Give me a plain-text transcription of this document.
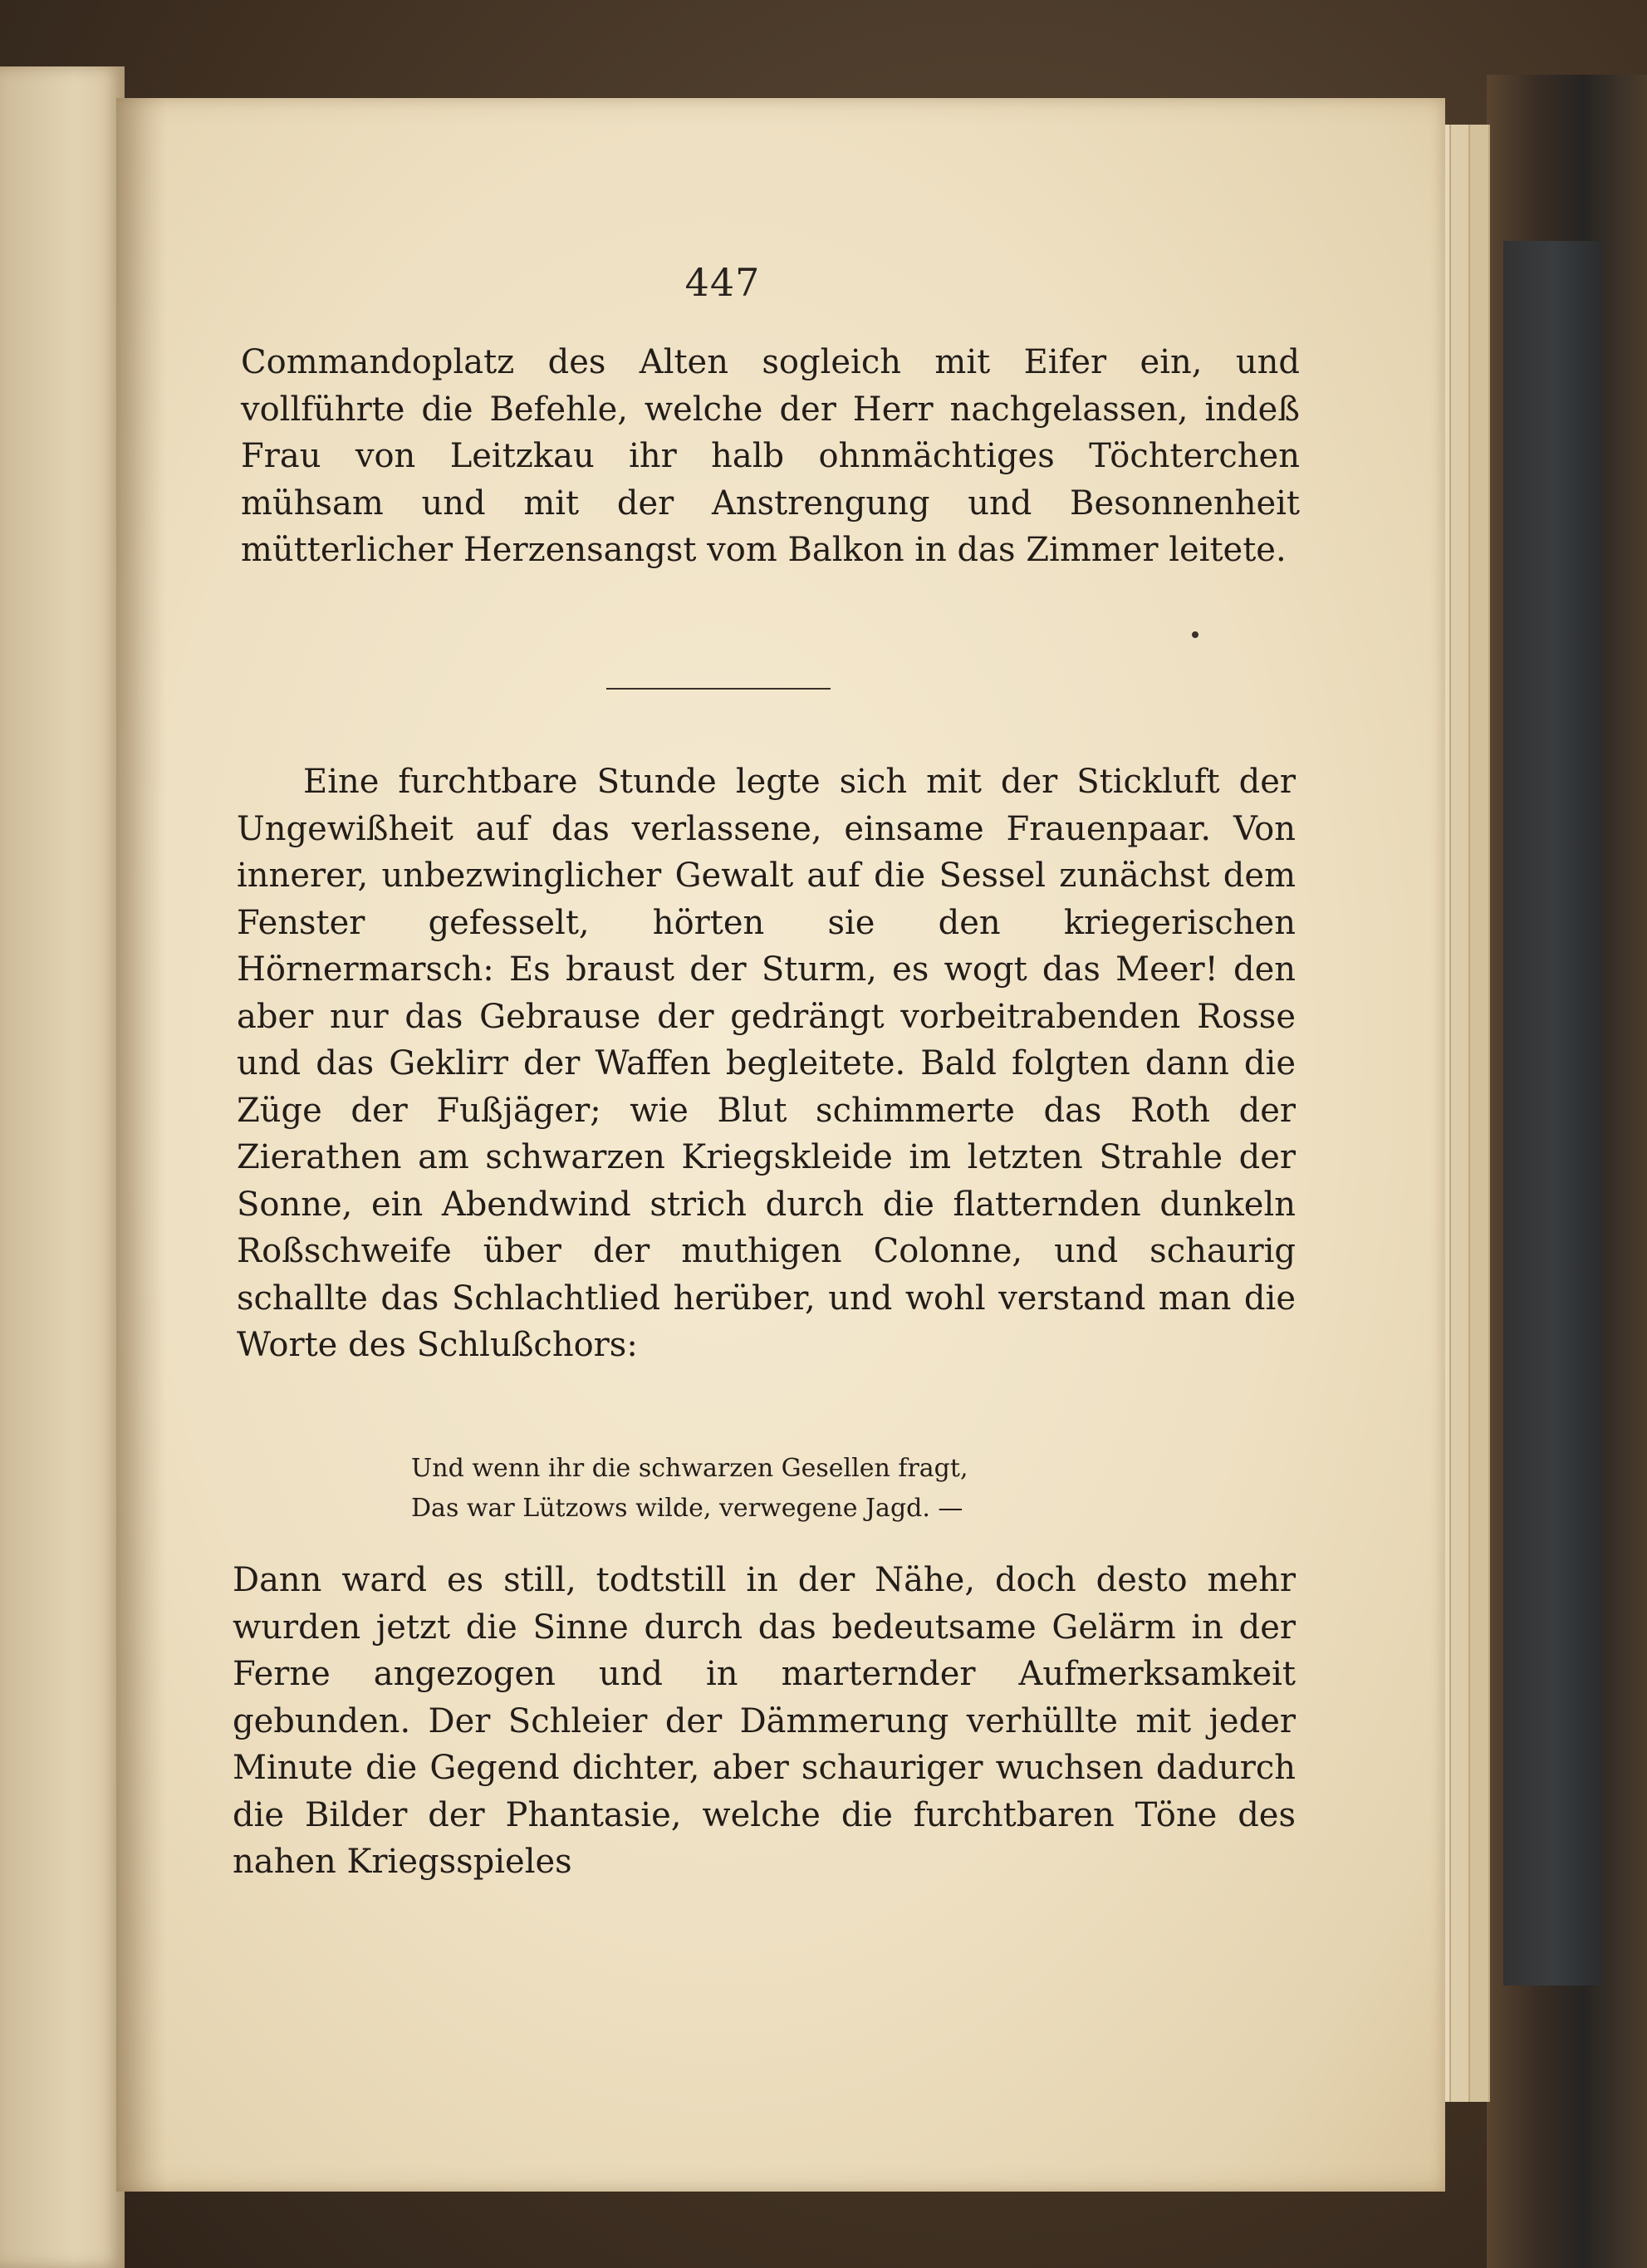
447
Commandoplatz des Alten sogleich mit Eifer ein, und vollführte die Befehle, welche der Herr nachgelassen, indeß Frau von Leitzkau ihr halb ohnmächtiges Töchterchen mühsam und mit der Anstrengung und Besonnenheit mütterlicher Herzensangst vom Balkon in das Zimmer leitete.
Eine furchtbare Stunde legte sich mit der Stickluft der Ungewißheit auf das verlassene, einsame Frauenpaar. Von innerer, unbezwinglicher Gewalt auf die Sessel zunächst dem Fenster gefesselt, hörten sie den kriegerischen Hörnermarsch: Es braust der Sturm, es wogt das Meer! den aber nur das Gebrause der gedrängt vorbeitrabenden Rosse und das Geklirr der Waffen begleitete. Bald folgten dann die Züge der Fußjäger; wie Blut schimmerte das Roth der Zierathen am schwarzen Kriegskleide im letzten Strahle der Sonne, ein Abendwind strich durch die flatternden dunkeln Roßschweife über der muthigen Colonne, und schaurig schallte das Schlachtlied herüber, und wohl verstand man die Worte des Schlußchors:
Und wenn ihr die schwarzen Gesellen fragt,
Das war Lützows wilde, verwegene Jagd. —
Dann ward es still, todtstill in der Nähe, doch desto mehr wurden jetzt die Sinne durch das bedeutsame Gelärm in der Ferne angezogen und in marternder Aufmerksamkeit gebunden. Der Schleier der Dämmerung verhüllte mit jeder Minute die Gegend dichter, aber schauriger wuchsen dadurch die Bilder der Phantasie, welche die furchtbaren Töne des nahen Kriegsspieles
